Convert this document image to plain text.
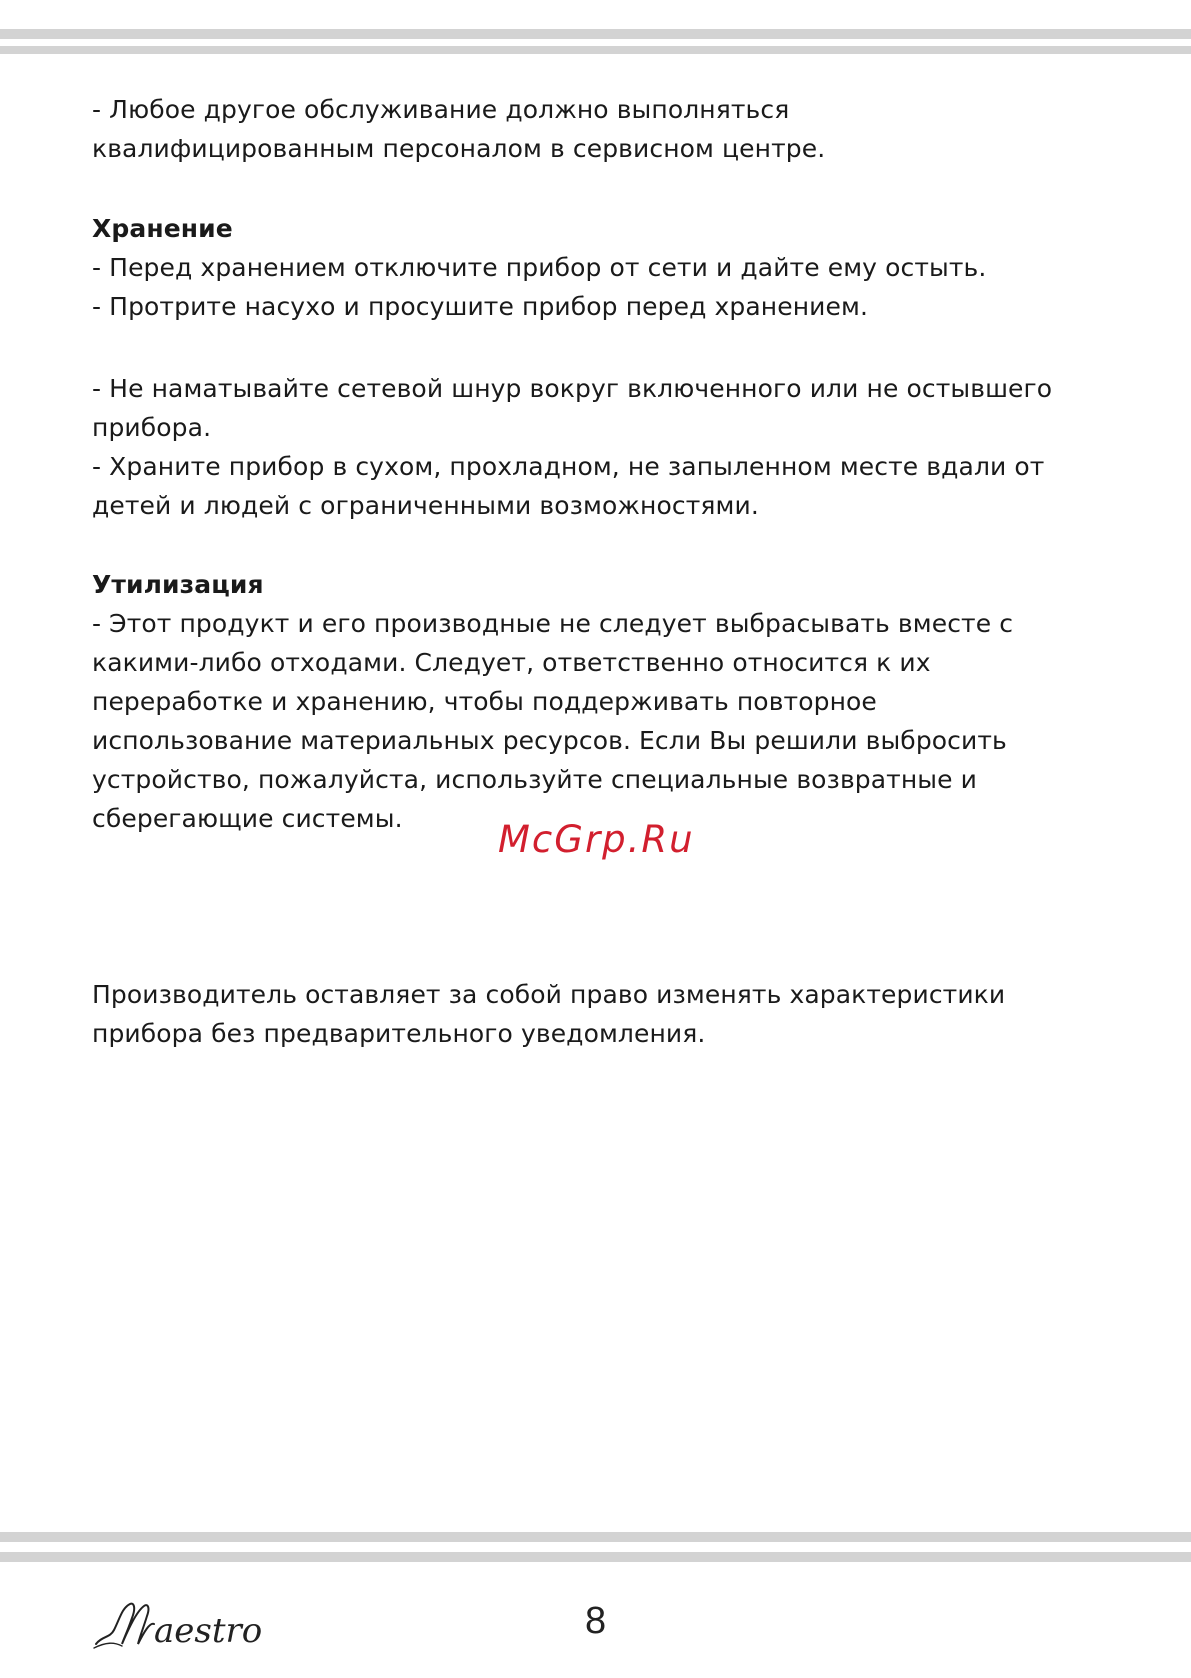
- Любое другое обслуживание должно выполняться

квалифицированным персоналом в сервисном центре.

Хранение

- Перед хранением отключите прибор от сети и дайте ему остыть.

- Протрите насухо и просушите прибор перед хранением.

- Не наматывайте сетевой шнур вокруг включенного или не остывшего

прибора.

- Храните прибор в сухом, прохладном, не запыленном месте вдали от

детей и людей с ограниченными возможностями.

Утилизация

- Этот продукт и его производные не следует выбрасывать вместе с

какими-либо отходами. Следует, ответственно относится к их

переработке и хранению, чтобы поддерживать повторное

использование материальных ресурсов. Если Вы решили выбросить

устройство, пожалуйста, используйте специальные возвратные и

сберегающие системы.

Производитель оставляет за собой право изменять характеристики

прибора без предварительного уведомления.

McGrp.Ru
aestro	8
